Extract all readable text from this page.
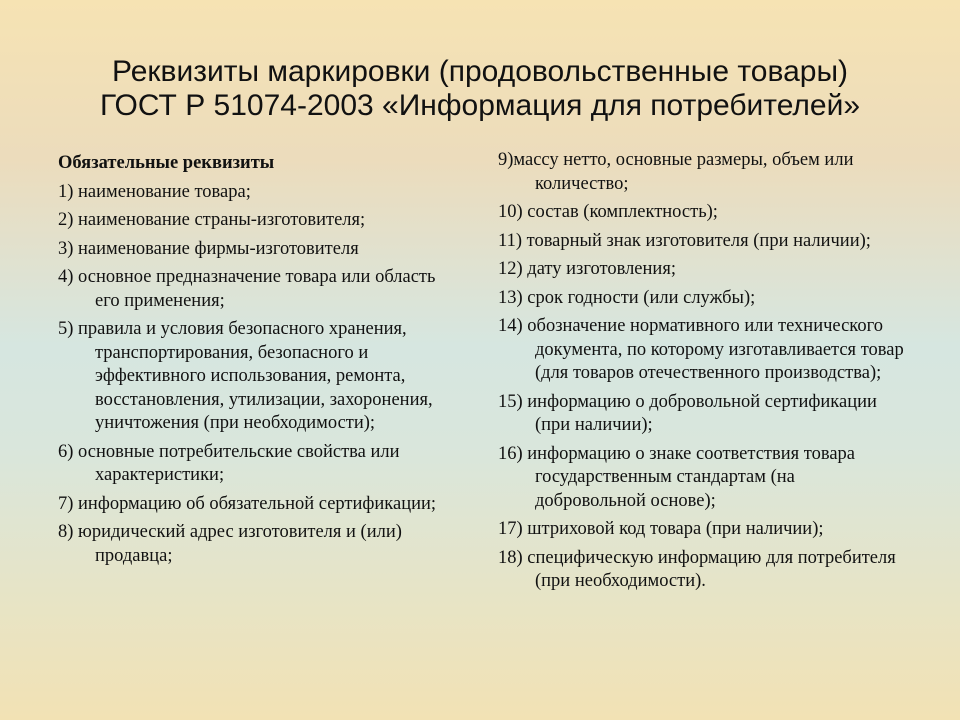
Реквизиты маркировки (продовольственные товары)
ГОСТ Р 51074-2003 «Информация для потребителей»
Обязательные реквизиты
1) наименование товара;
2) наименование страны-изготовителя;
3) наименование фирмы-изготовителя
4) основное предназначение товара или область его применения;
5) правила и условия безопасного хранения, транспортирования, безопасного и эффективного использования, ремонта, восстановления, утилизации, захоронения, уничтожения (при необходимости);
6) основные потребительские свойства или характеристики;
7) информацию об обязательной сертификации;
8) юридический адрес изготовителя и (или) продавца;
9)массу нетто, основные размеры, объем или количество;
10) состав (комплектность);
11) товарный знак изготовителя (при наличии);
12) дату изготовления;
13) срок годности (или службы);
14) обозначение нормативного или технического документа, по которому изготавливается товар (для товаров отечественного производства);
15) информацию о добровольной сертификации (при наличии);
16) информацию о знаке соответствия товара государственным стандартам (на добровольной основе);
17) штриховой код товара (при наличии);
18) специфическую информацию для потребителя (при необходимости).
